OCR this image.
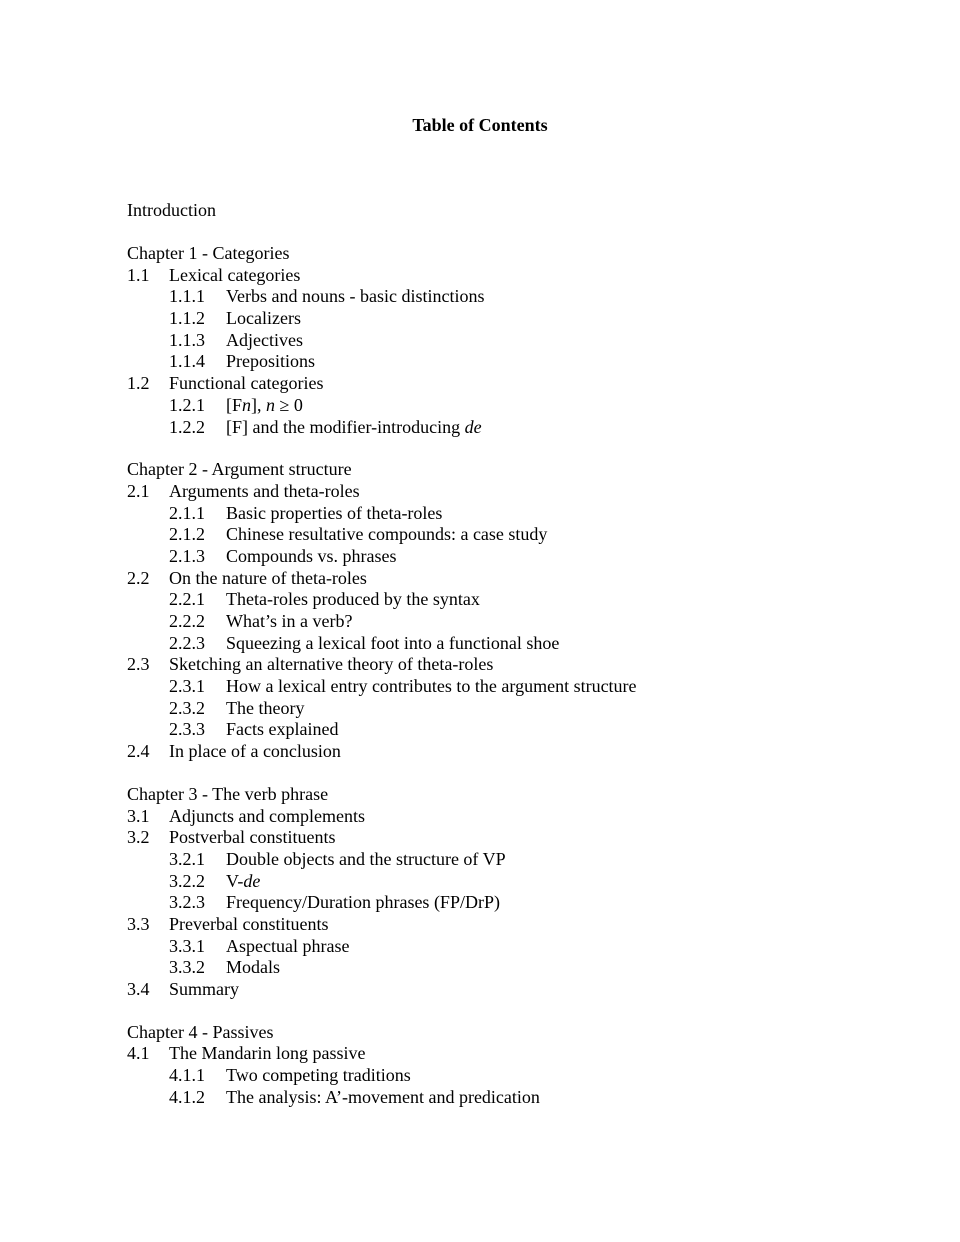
Table of Contents
Introduction
Chapter 1 - Categories
1.1 Lexical categories
1.1.1 Verbs and nouns - basic distinctions
1.1.2 Localizers
1.1.3 Adjectives
1.1.4 Prepositions
1.2 Functional categories
1.2.1 [Fn], n ≥ 0
1.2.2 [F] and the modifier-introducing de
Chapter 2 - Argument structure
2.1 Arguments and theta-roles
2.1.1 Basic properties of theta-roles
2.1.2 Chinese resultative compounds: a case study
2.1.3 Compounds vs. phrases
2.2 On the nature of theta-roles
2.2.1 Theta-roles produced by the syntax
2.2.2 What’s in a verb?
2.2.3 Squeezing a lexical foot into a functional shoe
2.3 Sketching an alternative theory of theta-roles
2.3.1 How a lexical entry contributes to the argument structure
2.3.2 The theory
2.3.3 Facts explained
2.4 In place of a conclusion
Chapter 3 - The verb phrase
3.1 Adjuncts and complements
3.2 Postverbal constituents
3.2.1 Double objects and the structure of VP
3.2.2 V-de
3.2.3 Frequency/Duration phrases (FP/DrP)
3.3 Preverbal constituents
3.3.1 Aspectual phrase
3.3.2 Modals
3.4 Summary
Chapter 4 - Passives
4.1 The Mandarin long passive
4.1.1 Two competing traditions
4.1.2 The analysis: A’-movement and predication
